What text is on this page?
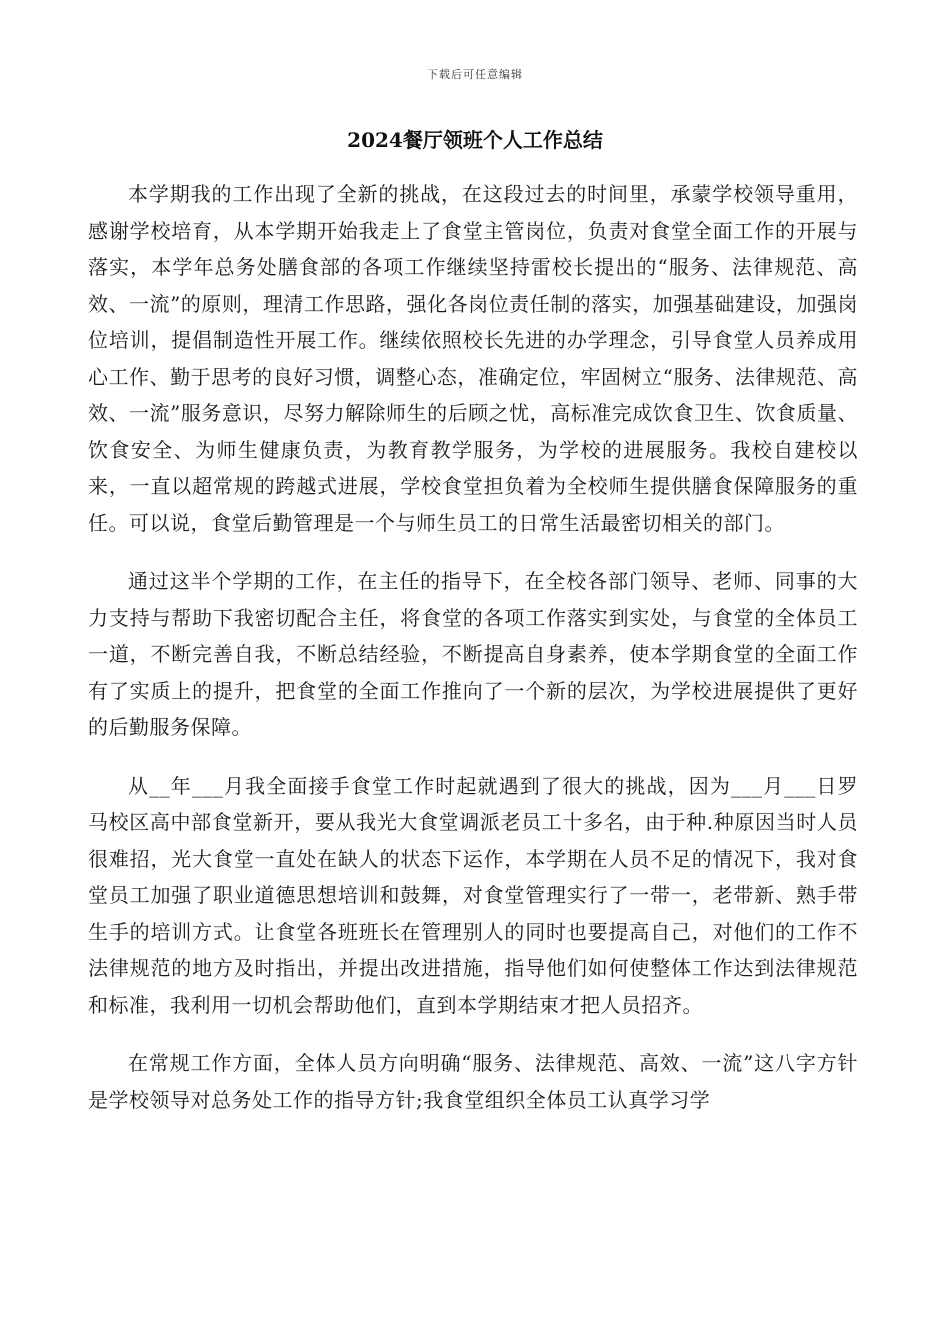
下载后可任意编辑
2024餐厅领班个人工作总结

本学期我的工作出现了全新的挑战，在这段过去的时间里，承蒙学校领导重用，感谢学校培育，从本学期开始我走上了食堂主管岗位，负责对食堂全面工作的开展与落实，本学年总务处膳食部的各项工作继续坚持雷校长提出的“服务、法律规范、高效、一流”的原则，理清工作思路，强化各岗位责任制的落实，加强基础建设，加强岗位培训，提倡制造性开展工作。继续依照校长先进的办学理念，引导食堂人员养成用心工作、勤于思考的良好习惯，调整心态，准确定位，牢固树立“服务、法律规范、高效、一流”服务意识，尽努力解除师生的后顾之忧，高标准完成饮食卫生、饮食质量、饮食安全、为师生健康负责，为教育教学服务，为学校的进展服务。我校自建校以来，一直以超常规的跨越式进展，学校食堂担负着为全校师生提供膳食保障服务的重任。可以说，食堂后勤管理是一个与师生员工的日常生活最密切相关的部门。

通过这半个学期的工作，在主任的指导下，在全校各部门领导、老师、同事的大力支持与帮助下我密切配合主任，将食堂的各项工作落实到实处，与食堂的全体员工一道，不断完善自我，不断总结经验，不断提高自身素养，使本学期食堂的全面工作有了实质上的提升，把食堂的全面工作推向了一个新的层次，为学校进展提供了更好的后勤服务保障。

从__年___月我全面接手食堂工作时起就遇到了很大的挑战，因为___月___日罗马校区高中部食堂新开，要从我光大食堂调派老员工十多名，由于种.种原因当时人员很难招，光大食堂一直处在缺人的状态下运作，本学期在人员不足的情况下，我对食堂员工加强了职业道德思想培训和鼓舞，对食堂管理实行了一带一，老带新、熟手带生手的培训方式。让食堂各班班长在管理别人的同时也要提高自己，对他们的工作不法律规范的地方及时指出，并提出改进措施，指导他们如何使整体工作达到法律规范和标准，我利用一切机会帮助他们，直到本学期结束才把人员招齐。

在常规工作方面，全体人员方向明确“服务、法律规范、高效、一流”这八字方针是学校领导对总务处工作的指导方针;我食堂组织全体员工认真学习学
